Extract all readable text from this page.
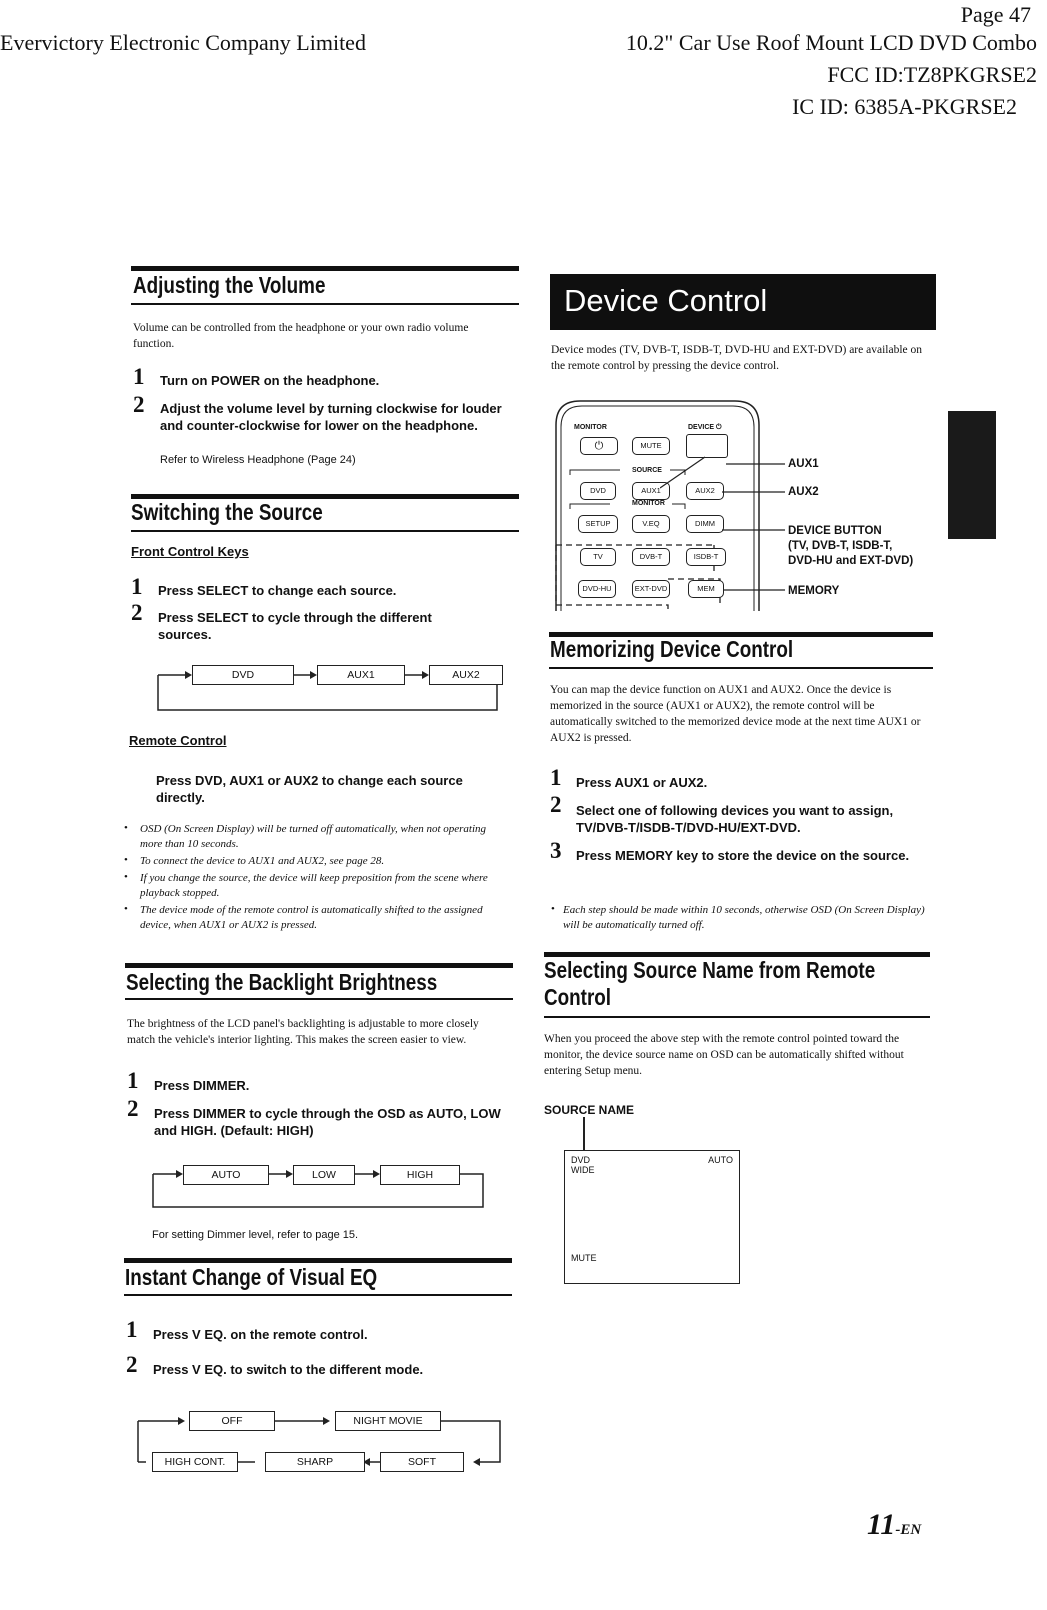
Page 47
Evervictory Electronic Company Limited	10.2" Car Use Roof Mount LCD DVD Combo
FCC ID:TZ8PKGRSE2
IC ID: 6385A-PKGRSE2
Adjusting the Volume
Volume can be controlled from the headphone or your own radio volume function.
1 Turn on POWER on the headphone.
2 Adjust the volume level by turning clockwise for louder and counter-clockwise for lower on the headphone.
Refer to Wireless Headphone (Page 24)
Switching the Source
Front Control Keys
1 Press SELECT to change each source.
2 Press SELECT to cycle through the different sources.
DVD	AUX1	AUX2
Remote Control
Press DVD, AUX1 or AUX2 to change each source directly.
• OSD (On Screen Display) will be turned off automatically, when not operating more than 10 seconds.
• To connect the device to AUX1 and AUX2, see page 28.
• If you change the source, the device will keep preposition from the scene where playback stopped.
• The device mode of the remote control is automatically shifted to the assigned device, when AUX1 or AUX2 is pressed.
Selecting the Backlight Brightness
The brightness of the LCD panel's backlighting is adjustable to more closely match the vehicle's interior lighting. This makes the screen easier to view.
1 Press DIMMER.
2 Press DIMMER to cycle through the OSD as AUTO, LOW and HIGH. (Default: HIGH)
AUTO	LOW	HIGH
For setting Dimmer level, refer to page 15.
Instant Change of Visual EQ
1 Press V EQ. on the remote control.
2 Press V EQ. to switch to the different mode.
OFF	NIGHT MOVIE
SOFT
SHARP
HIGH CONT.
Device Control
Device modes (TV, DVB-T, ISDB-T, DVD-HU and EXT-DVD) are available on the remote control by pressing the device control.
MONITOR	DEVICE ⏻
SOURCE
MONITOR
⏻	MUTE
DVD	AUX1	AUX2
SETUP	V.EQ	DIMM
TV	DVB-T	ISDB-T
DVD-HU	EXT-DVD	MEM
AUX1
AUX2
DEVICE BUTTON
(TV, DVB-T, ISDB-T,
DVD-HU and EXT-DVD)
MEMORY
Memorizing Device Control
You can map the device function on AUX1 and AUX2. Once the device is memorized in the source (AUX1 or AUX2), the remote control will be automatically switched to the memorized device mode at the next time AUX1 or AUX2 is pressed.
1 Press AUX1 or AUX2.
2 Select one of following devices you want to assign, TV/DVB-T/ISDB-T/DVD-HU/EXT-DVD.
3 Press MEMORY key to store the device on the source.
• Each step should be made within 10 seconds, otherwise OSD (On Screen Display) will be automatically turned off.
Selecting Source Name from Remote
Control
When you proceed the above step with the remote control pointed toward the monitor, the device source name on OSD can be automatically shifted without entering Setup menu.
SOURCE NAME
DVD
WIDE
AUTO
MUTE
11-EN
